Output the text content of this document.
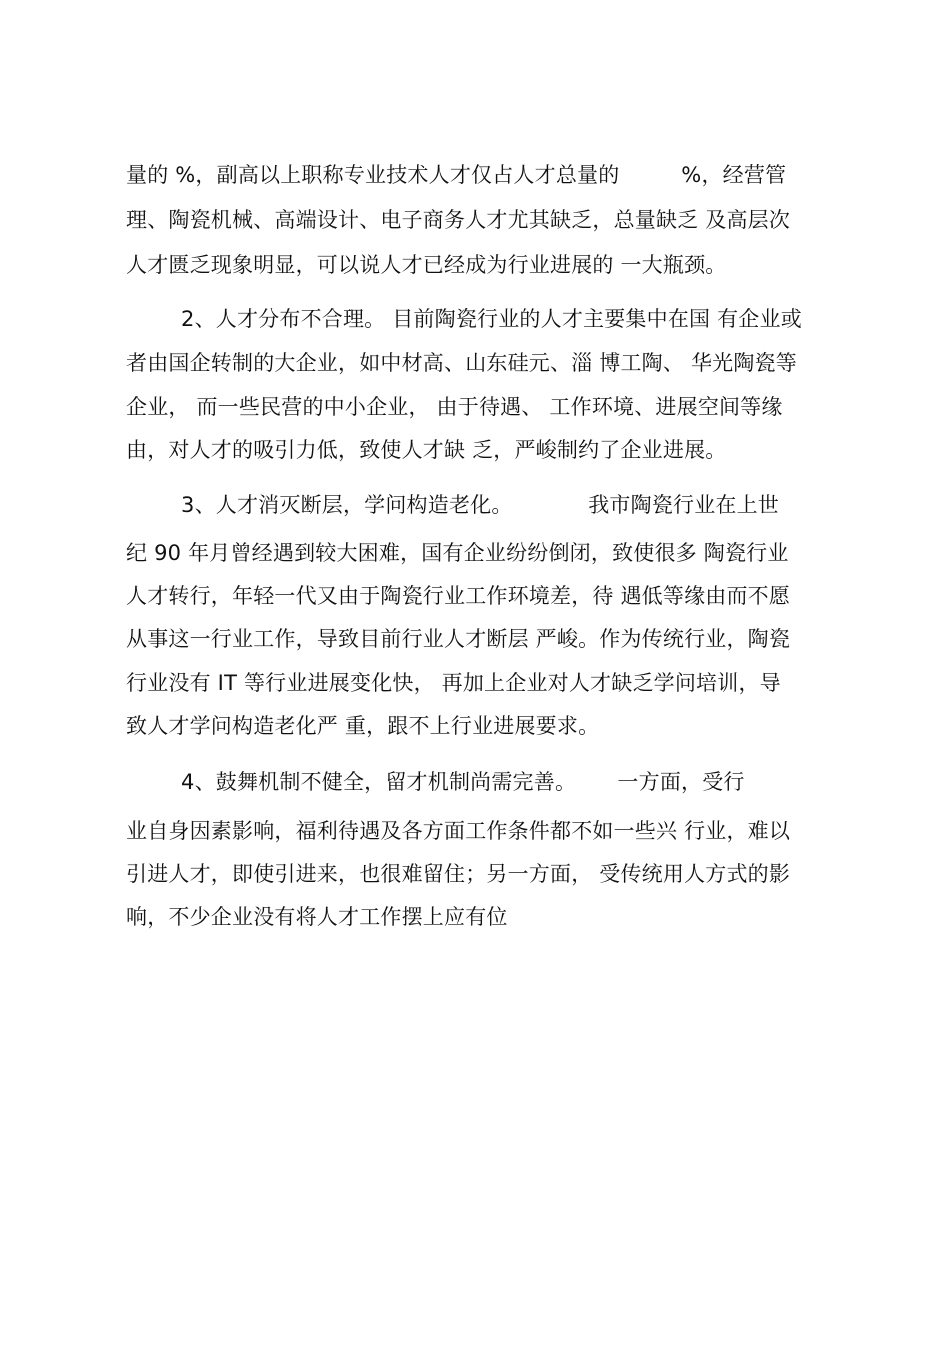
量的 %，副高以上职称专业技术人才仅占人才总量的         %，经营管
理、陶瓷机械、高端设计、电子商务人才尤其缺乏，总量缺乏 及高层次
人才匮乏现象明显，可以说人才已经成为行业进展的 一大瓶颈。
2、人才分布不合理。 目前陶瓷行业的人才主要集中在国 有企业或
者由国企转制的大企业，如中材高、山东硅元、淄 博工陶、 华光陶瓷等
企业， 而一些民营的中小企业， 由于待遇、 工作环境、进展空间等缘
由，对人才的吸引力低，致使人才缺 乏，严峻制约了企业进展。
3、人才消灭断层，学问构造老化。           我市陶瓷行业在上世
纪 90 年月曾经遇到较大困难，国有企业纷纷倒闭，致使很多 陶瓷行业
人才转行，年轻一代又由于陶瓷行业工作环境差，待 遇低等缘由而不愿
从事这一行业工作，导致目前行业人才断层 严峻。作为传统行业，陶瓷
行业没有 IT 等行业进展变化快， 再加上企业对人才缺乏学问培训，导
致人才学问构造老化严 重，跟不上行业进展要求。
4、鼓舞机制不健全，留才机制尚需完善。      一方面，受行
业自身因素影响，福利待遇及各方面工作条件都不如一些兴 行业，难以
引进人才，即使引进来，也很难留住；另一方面， 受传统用人方式的影
响，不少企业没有将人才工作摆上应有位
